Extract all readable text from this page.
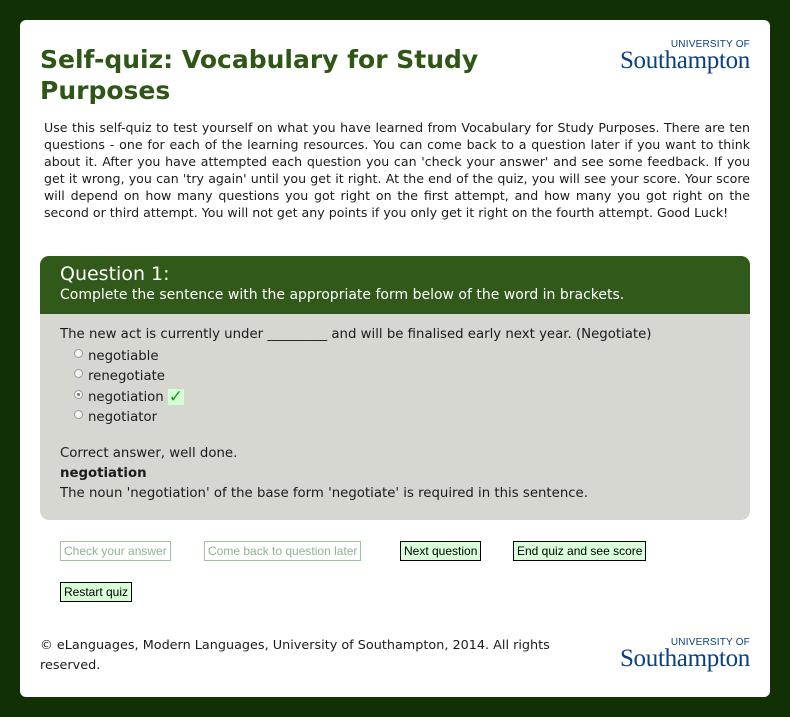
Self-quiz: Vocabulary for Study Purposes
UNIVERSITY OF
Southampton
Use this self-quiz to test yourself on what you have learned from Vocabulary for Study Purposes. There are ten questions - one for each of the learning resources. You can come back to a question later if you want to think about it. After you have attempted each question you can 'check your answer' and see some feedback. If you get it wrong, you can 'try again' until you get it right. At the end of the quiz, you will see your score. Your score will depend on how many questions you got right on the first attempt, and how many you got right on the second or third attempt. You will not get any points if you only get it right on the fourth attempt. Good Luck!
Question 1:
Complete the sentence with the appropriate form below of the word in brackets.
The new act is currently under _________ and will be finalised early next year. (Negotiate)
negotiable
renegotiate
negotiation ✓
negotiator
Correct answer, well done.
negotiation
The noun 'negotiation' of the base form 'negotiate' is required in this sentence.
Check your answer	Come back to question later	Next question	End quiz and see score
Restart quiz
© eLanguages, Modern Languages, University of Southampton, 2014. All rights reserved.
UNIVERSITY OF
Southampton
